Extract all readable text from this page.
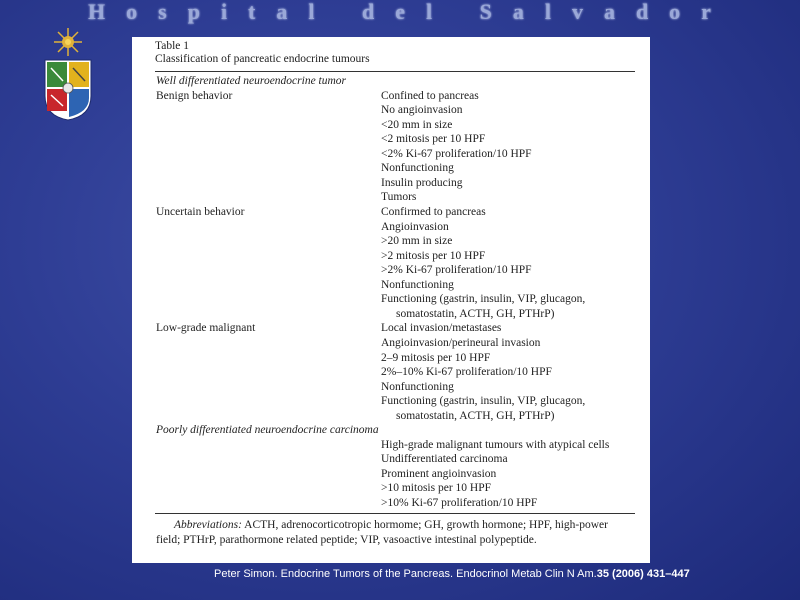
Hospital del Salvador
Table 1
Classification of pancreatic endocrine tumours
Well differentiated neuroendocrine tumor
Benign behavior	Confined to pancreas
No angioinvasion
<20 mm in size
<2 mitosis per 10 HPF
<2% Ki-67 proliferation/10 HPF
Nonfunctioning
Insulin producing
Tumors
Uncertain behavior	Confirmed to pancreas
Angioinvasion
>20 mm in size
>2 mitosis per 10 HPF
>2% Ki-67 proliferation/10 HPF
Nonfunctioning
Functioning (gastrin, insulin, VIP, glucagon,
somatostatin, ACTH, GH, PTHrP)
Low-grade malignant	Local invasion/metastases
Angioinvasion/perineural invasion
2–9 mitosis per 10 HPF
2%–10% Ki-67 proliferation/10 HPF
Nonfunctioning
Functioning (gastrin, insulin, VIP, glucagon,
somatostatin, ACTH, GH, PTHrP)
Poorly differentiated neuroendocrine carcinoma
High-grade malignant tumours with atypical cells
Undifferentiated carcinoma
Prominent angioinvasion
>10 mitosis per 10 HPF
>10% Ki-67 proliferation/10 HPF
Abbreviations: ACTH, adrenocorticotropic hormome; GH, growth hormone; HPF, high-power field; PTHrP, parathormone related peptide; VIP, vasoactive intestinal polypeptide.
Peter Simon. Endocrine Tumors of the Pancreas. Endocrinol Metab Clin N Am.35 (2006) 431–447
